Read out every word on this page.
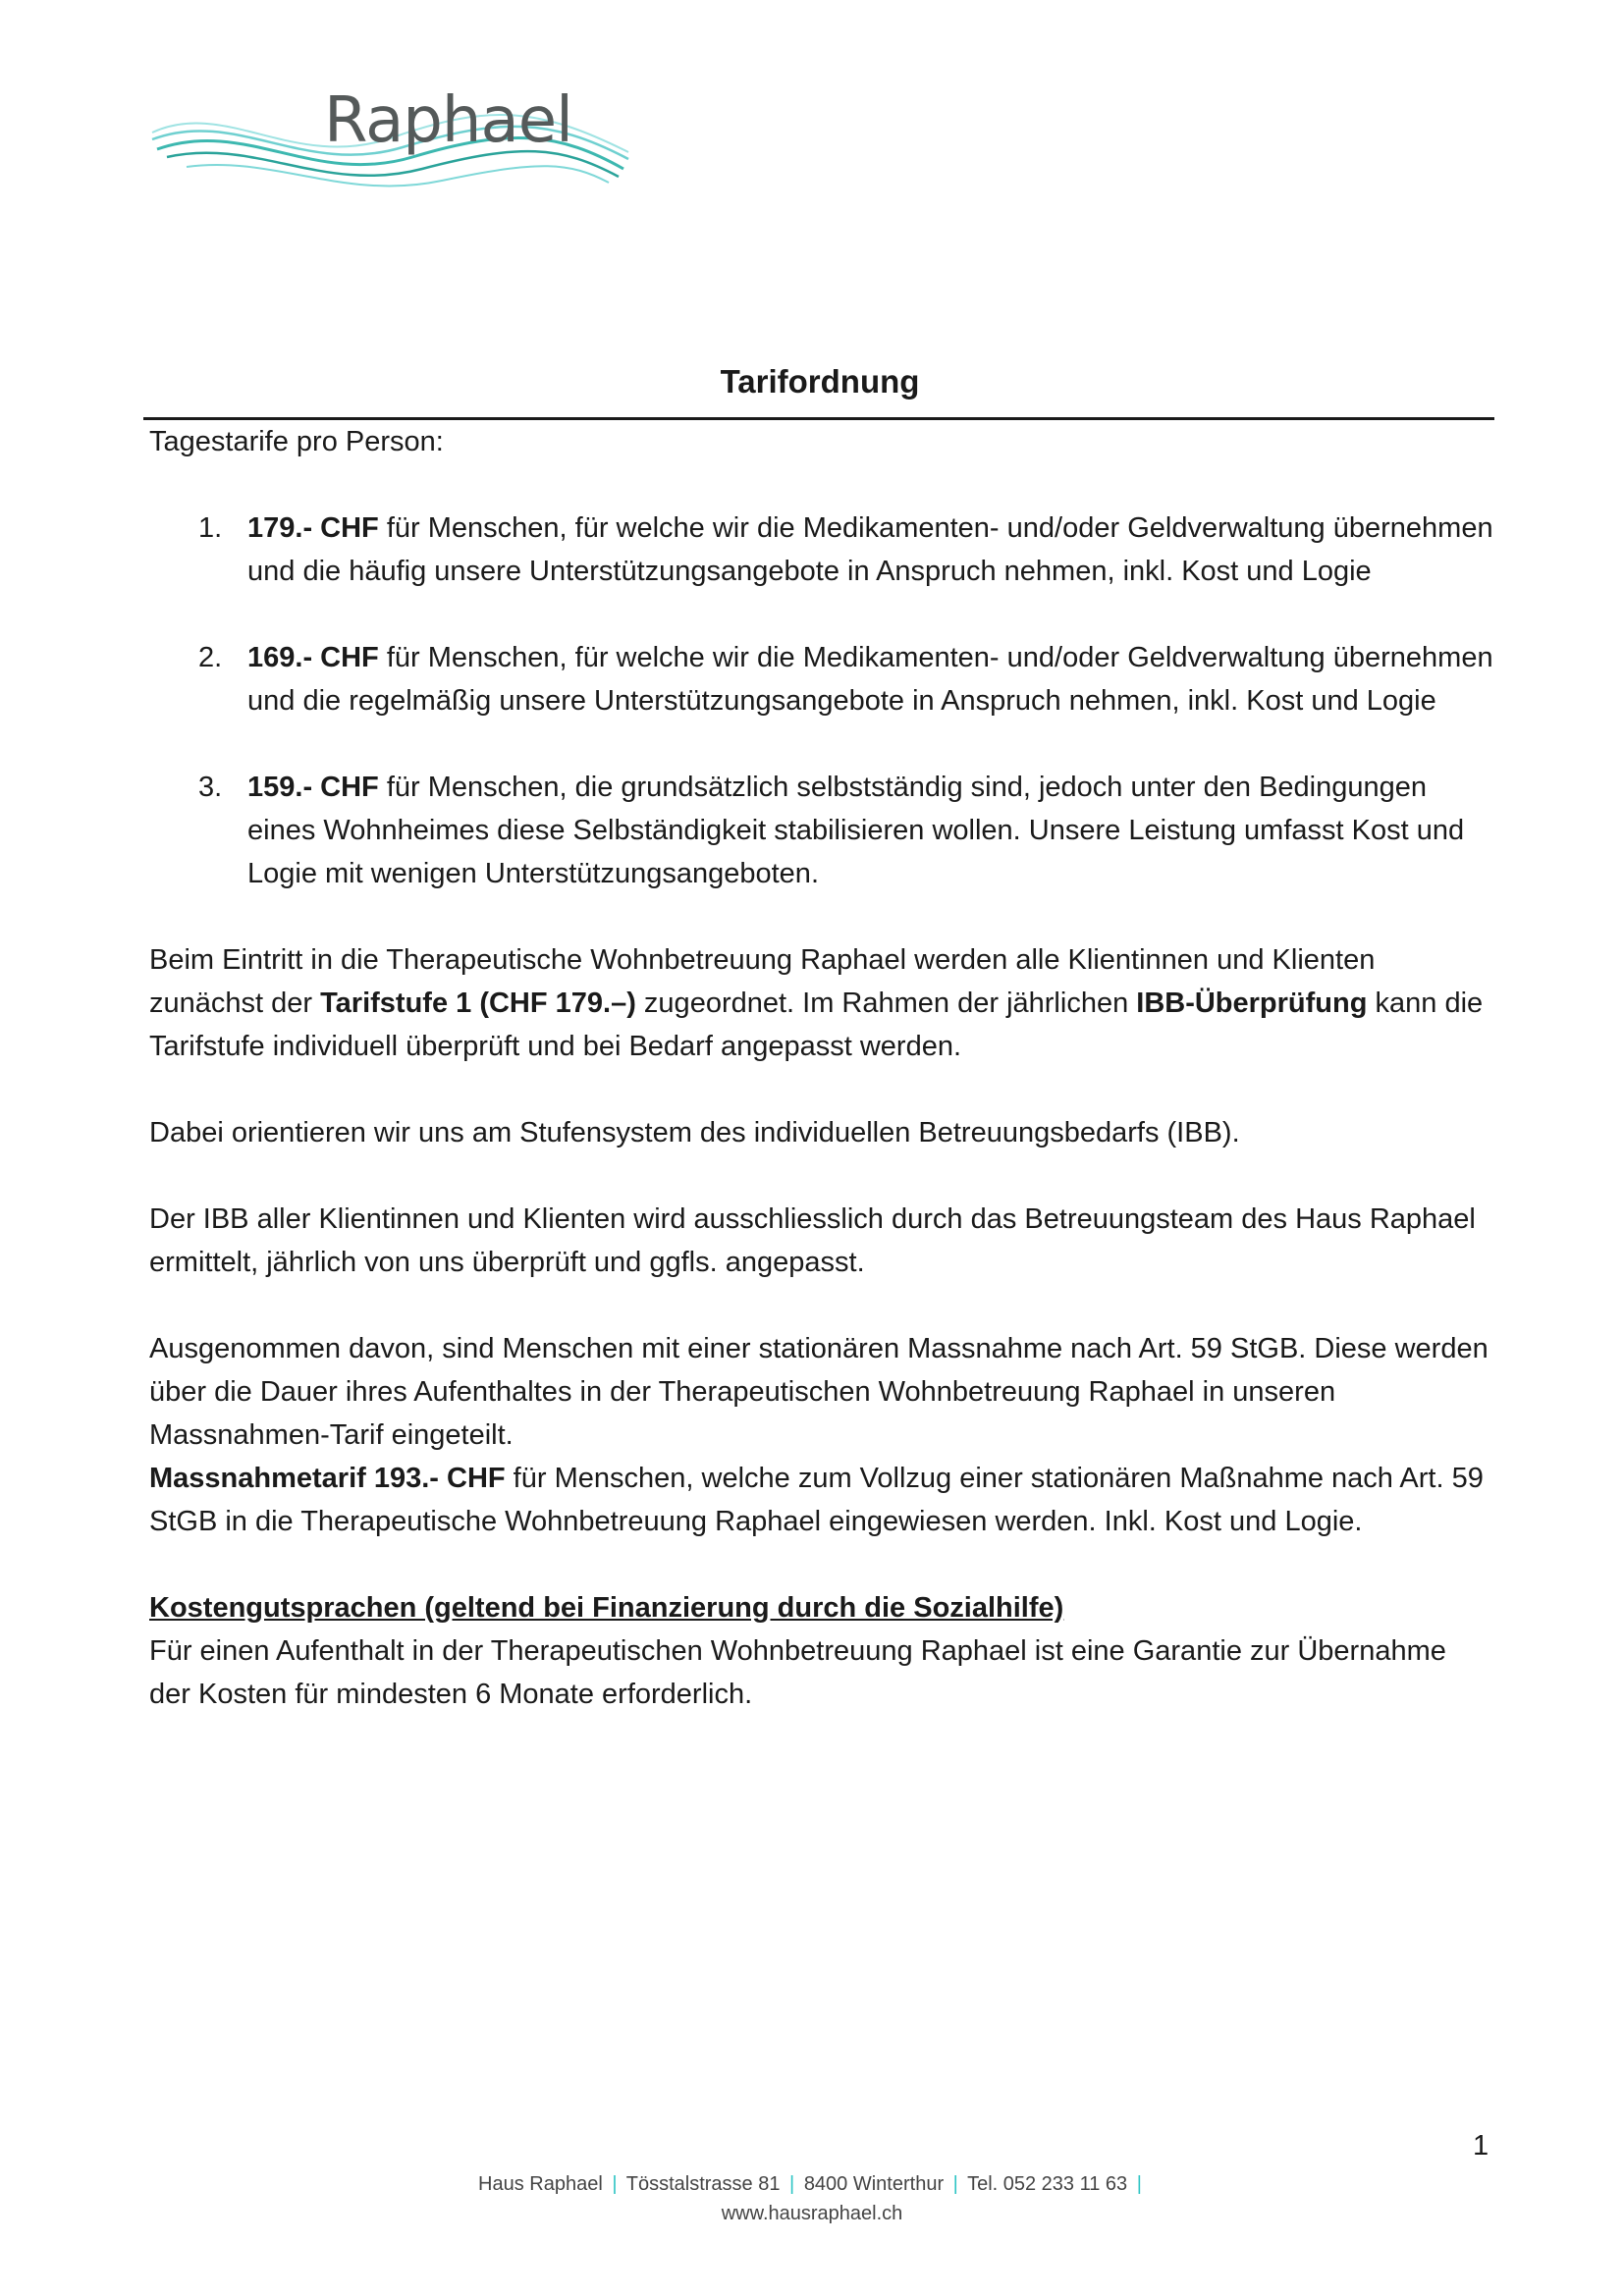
Raphael
Tarifordnung

Tagestarife pro Person:

1. 179.- CHF für Menschen, für welche wir die Medikamenten- und/oder Geldverwaltung übernehmen und die häufig unsere Unterstützungsangebote in Anspruch nehmen, inkl. Kost und Logie
2. 169.- CHF für Menschen, für welche wir die Medikamenten- und/oder Geldverwaltung übernehmen und die regelmäßig unsere Unterstützungsangebote in Anspruch nehmen, inkl. Kost und Logie
3. 159.- CHF für Menschen, die grundsätzlich selbstständig sind, jedoch unter den Bedingungen eines Wohnheimes diese Selbständigkeit stabilisieren wollen. Unsere Leistung umfasst Kost und Logie mit wenigen Unterstützungsangeboten.

Beim Eintritt in die Therapeutische Wohnbetreuung Raphael werden alle Klientinnen und Klienten zunächst der Tarifstufe 1 (CHF 179.–) zugeordnet. Im Rahmen der jährlichen IBB-Überprüfung kann die Tarifstufe individuell überprüft und bei Bedarf angepasst werden.

Dabei orientieren wir uns am Stufensystem des individuellen Betreuungsbedarfs (IBB).

Der IBB aller Klientinnen und Klienten wird ausschliesslich durch das Betreuungsteam des Haus Raphael ermittelt, jährlich von uns überprüft und ggfls. angepasst.

Ausgenommen davon, sind Menschen mit einer stationären Massnahme nach Art. 59 StGB. Diese werden über die Dauer ihres Aufenthaltes in der Therapeutischen Wohnbetreuung Raphael in unseren Massnahmen-Tarif eingeteilt.

Massnahmetarif 193.- CHF für Menschen, welche zum Vollzug einer stationären Maßnahme nach Art. 59 StGB in die Therapeutische Wohnbetreuung Raphael eingewiesen werden. Inkl. Kost und Logie.

Kostengutsprachen (geltend bei Finanzierung durch die Sozialhilfe)

Für einen Aufenthalt in der Therapeutischen Wohnbetreuung Raphael ist eine Garantie zur Übernahme der Kosten für mindesten 6 Monate erforderlich.

1
Haus Raphael | Tösstalstrasse 81 | 8400 Winterthur | Tel. 052 233 11 63 |
www.hausraphael.ch
